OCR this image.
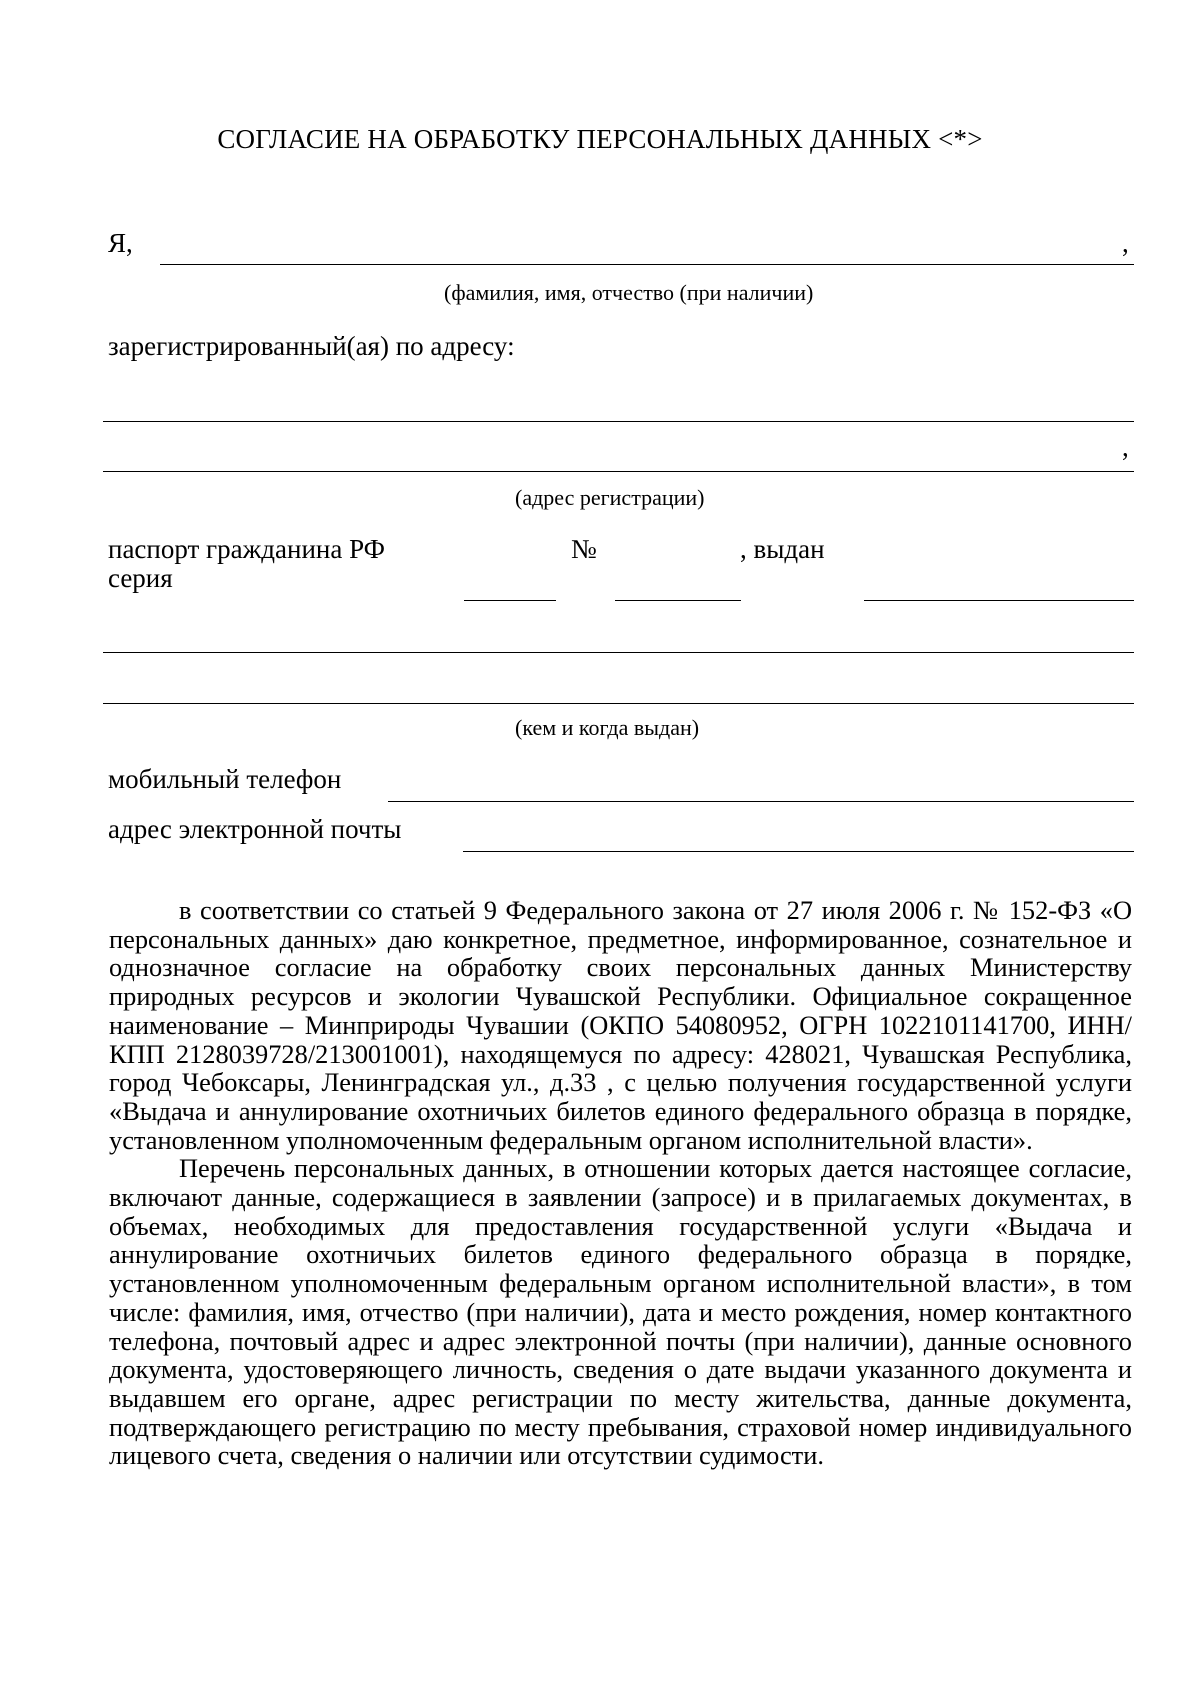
СОГЛАСИЕ НА ОБРАБОТКУ ПЕРСОНАЛЬНЫХ ДАННЫХ <*>
Я,	,
(фамилия, имя, отчество (при наличии)
зарегистрированный(ая) по адресу:
,
(адрес регистрации)
паспорт гражданина РФ
серия
№	, выдан
(кем и когда выдан)
мобильный телефон
адрес электронной почты

в соответствии со статьей 9 Федерального закона от 27 июля 2006 г. № 152-ФЗ «О персональных данных» даю конкретное, предметное, информированное, сознательное и однозначное согласие на обработку своих персональных данных Министерству природных ресурсов и экологии Чувашской Республики. Официальное сокращенное наименование – Минприроды Чувашии (ОКПО 54080952, ОГРН 1022101141700, ИНН/КПП 2128039728/213001001), находящемуся по адресу: 428021, Чувашская Республика, город Чебоксары, Ленинградская ул., д.33 , с целью получения государственной услуги «Выдача и аннулирование охотничьих билетов единого федерального образца в порядке, установленном уполномоченным федеральным органом исполнительной власти».

Перечень персональных данных, в отношении которых дается настоящее согласие, включают данные, содержащиеся в заявлении (запросе) и в прилагаемых документах, в объемах, необходимых для предоставления государственной услуги «Выдача и аннулирование охотничьих билетов единого федерального образца в порядке, установленном уполномоченным федеральным органом исполнительной власти», в том числе: фамилия, имя, отчество (при наличии), дата и место рождения, номер контактного телефона, почтовый адрес и адрес электронной почты (при наличии), данные основного документа, удостоверяющего личность, сведения о дате выдачи указанного документа и выдавшем его органе, адрес регистрации по месту жительства, данные документа, подтверждающего регистрацию по месту пребывания, страховой номер индивидуального лицевого счета, сведения о наличии или отсутствии судимости.
